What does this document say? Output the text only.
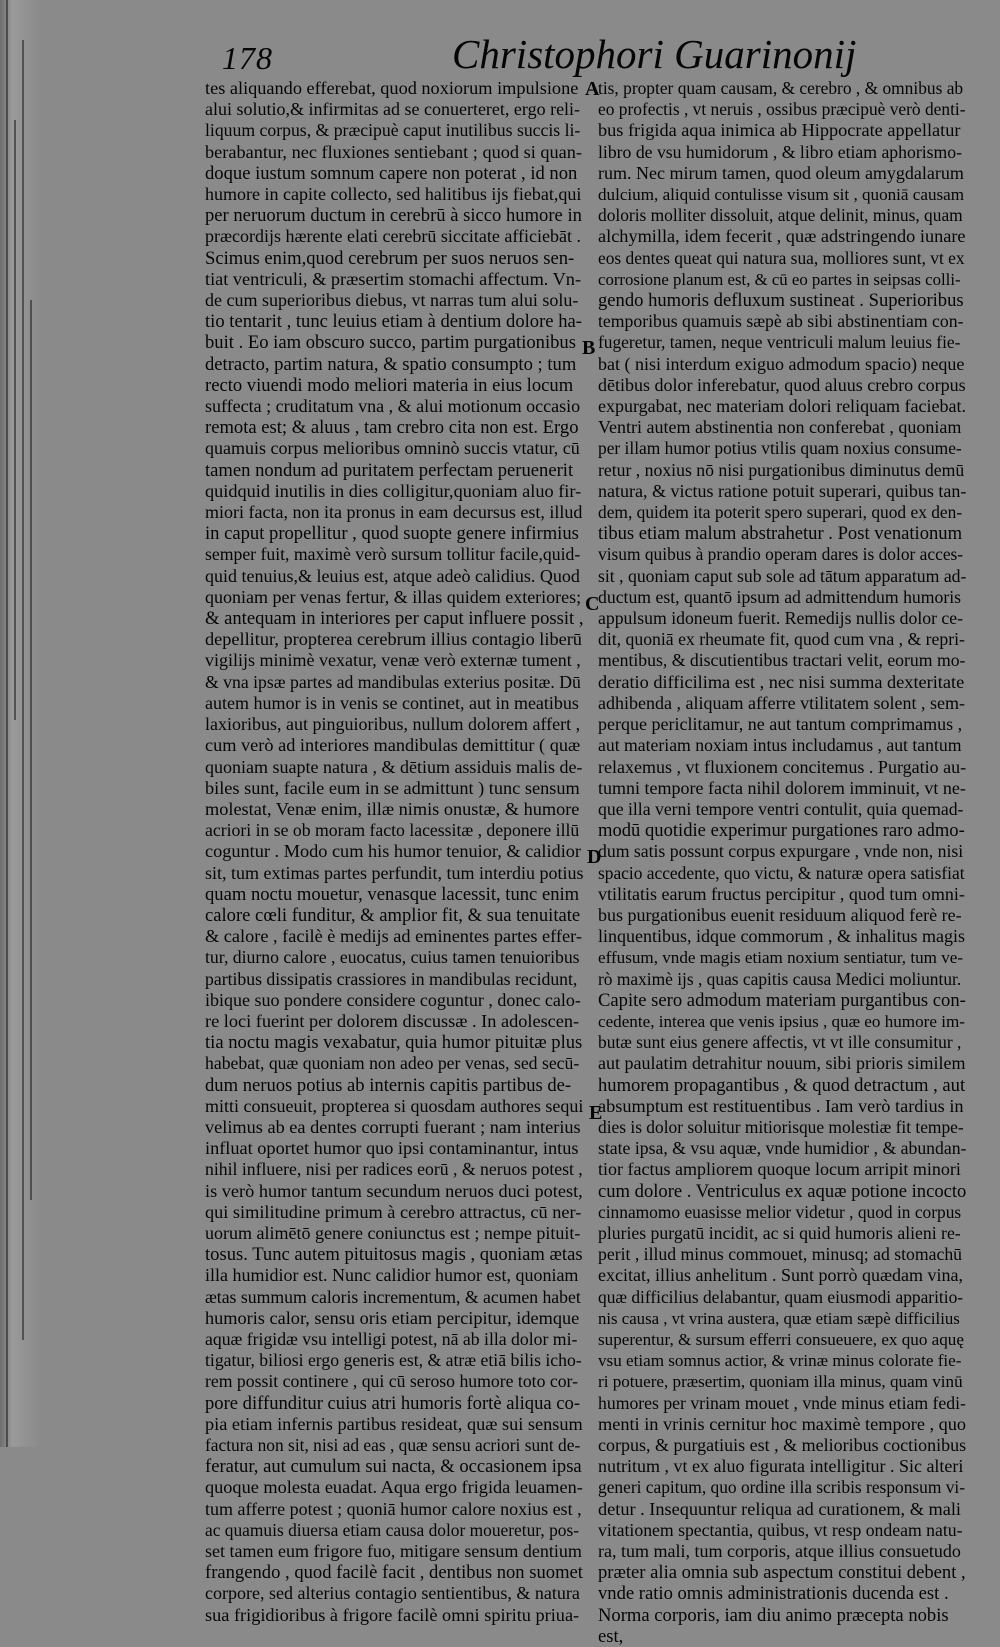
178	Christophori Guarinonij
tes aliquando efferebat, quod noxiorum impulsione
alui solutio,& infirmitas ad se conuerteret, ergo reli-
liquum corpus, & præcipuè caput inutilibus succis li-
berabantur, nec fluxiones sentiebant ; quod si quan-
doque iustum somnum capere non poterat , id non
humore in capite collecto, sed halitibus ijs fiebat,qui
per neruorum ductum in cerebrū à sicco humore in
præcordijs hærente elati cerebrū siccitate afficiebāt .
Scimus enim,quod cerebrum per suos neruos sen-
tiat ventriculi, & præsertim stomachi affectum. Vn-
de cum superioribus diebus, vt narras tum alui solu-
tio tentarit , tunc leuius etiam à dentium dolore ha-
buit . Eo iam obscuro succo, partim purgationibus
detracto, partim natura, & spatio consumpto ; tum
recto viuendi modo meliori materia in eius locum
suffecta ; cruditatum vna , & alui motionum occasio
remota est; & aluus , tam crebro cita non est. Ergo
quamuis corpus melioribus omninò succis vtatur, cū
tamen nondum ad puritatem perfectam peruenerit
quidquid inutilis in dies colligitur,quoniam aluo fir-
miori facta, non ita pronus in eam decursus est, illud
in caput propellitur , quod suopte genere infirmius
semper fuit, maximè verò sursum tollitur facile,quid-
quid tenuius,& leuius est, atque adeò calidius. Quod
quoniam per venas fertur, & illas quidem exteriores;
& antequam in interiores per caput influere possit ,
depellitur, propterea cerebrum illius contagio liberū
vigilijs minimè vexatur, venæ verò externæ tument ,
& vna ipsæ partes ad mandibulas exterius positæ. Dū
autem humor is in venis se continet, aut in meatibus
laxioribus, aut pinguioribus, nullum dolorem affert ,
cum verò ad interiores mandibulas demittitur ( quæ
quoniam suapte natura , & dētium assiduis malis de-
biles sunt, facile eum in se admittunt ) tunc sensum
molestat, Venæ enim, illæ nimis onustæ, & humore
acriori in se ob moram facto lacessitæ , deponere illū
coguntur . Modo cum his humor tenuior, & calidior
sit, tum extimas partes perfundit, tum interdiu potius
quam noctu mouetur, venasque lacessit, tunc enim
calore cœli funditur, & amplior fit, & sua tenuitate
& calore , facilè è medijs ad eminentes partes effer-
tur, diurno calore , euocatus, cuius tamen tenuioribus
partibus dissipatis crassiores in mandibulas recidunt,
ibique suo pondere considere coguntur , donec calo-
re loci fuerint per dolorem discussæ . In adolescen-
tia noctu magis vexabatur, quia humor pituitæ plus
habebat, quæ quoniam non adeo per venas, sed secū-
dum neruos potius ab internis capitis partibus de-
mitti consueuit, propterea si quosdam authores sequi
velimus ab ea dentes corrupti fuerant ; nam interius
influat oportet humor quo ipsi contaminantur, intus
nihil influere, nisi per radices eorū , & neruos potest ,
is verò humor tantum secundum neruos duci potest,
qui similitudine primum à cerebro attractus, cū ner-
uorum alimētō genere coniunctus est ; nempe pituit-
tosus. Tunc autem pituitosus magis , quoniam ætas
illa humidior est. Nunc calidior humor est, quoniam
ætas summum caloris incrementum, & acumen habet
humoris calor, sensu oris etiam percipitur, idemque
aquæ frigidæ vsu intelligi potest, nā ab illa dolor mi-
tigatur, biliosi ergo generis est, & atræ etiā bilis icho-
rem possit continere , qui cū seroso humore toto cor-
pore diffunditur cuius atri humoris fortè aliqua co-
pia etiam infernis partibus resideat, quæ sui sensum
factura non sit, nisi ad eas , quæ sensu acriori sunt de-
feratur, aut cumulum sui nacta, & occasionem ipsa
quoque molesta euadat. Aqua ergo frigida leuamen-
tum afferre potest ; quoniā humor calore noxius est ,
ac quamuis diuersa etiam causa dolor moueretur, pos-
set tamen eum frigore fuo, mitigare sensum dentium
frangendo , quod facilè facit , dentibus non suomet
corpore, sed alterius contagio sentientibus, & natura
sua frigidioribus à frigore facilè omni spiritu priua-
tis, propter quam causam, & cerebro , & omnibus ab
eo profectis , vt neruis , ossibus præcipuè verò denti-
bus frigida aqua inimica ab Hippocrate appellatur
libro de vsu humidorum , & libro etiam aphorismo-
rum. Nec mirum tamen, quod oleum amygdalarum
dulcium, aliquid contulisse visum sit , quoniā causam
doloris molliter dissoluit, atque delinit, minus, quam
alchymilla, idem fecerit , quæ adstringendo iunare
eos dentes queat qui natura sua, molliores sunt, vt ex
corrosione planum est, & cū eo partes in seipsas colli-
gendo humoris defluxum sustineat . Superioribus
temporibus quamuis sæpè ab sibi abstinentiam con-
fugeretur, tamen, neque ventriculi malum leuius fie-
bat ( nisi interdum exiguo admodum spacio) neque
dētibus dolor inferebatur, quod aluus crebro corpus
expurgabat, nec materiam dolori reliquam faciebat.
Ventri autem abstinentia non conferebat , quoniam
per illam humor potius vtilis quam noxius consume-
retur , noxius nō nisi purgationibus diminutus demū
natura, & victus ratione potuit superari, quibus tan-
dem, quidem ita poterit spero superari, quod ex den-
tibus etiam malum abstrahetur . Post venationum
visum quibus à prandio operam dares is dolor acces-
sit , quoniam caput sub sole ad tātum apparatum ad-
ductum est, quantō ipsum ad admittendum humoris
appulsum idoneum fuerit. Remedijs nullis dolor ce-
dit, quoniā ex rheumate fit, quod cum vna , & repri-
mentibus, & discutientibus tractari velit, eorum mo-
deratio difficilima est , nec nisi summa dexteritate
adhibenda , aliquam afferre vtilitatem solent , sem-
perque periclitamur, ne aut tantum comprimamus ,
aut materiam noxiam intus includamus , aut tantum
relaxemus , vt fluxionem concitemus . Purgatio au-
tumni tempore facta nihil dolorem imminuit, vt ne-
que illa verni tempore ventri contulit, quia quemad-
modū quotidie experimur purgationes raro admo-
dum satis possunt corpus expurgare , vnde non, nisi
spacio accedente, quo victu, & naturæ opera satisfiat
vtilitatis earum fructus percipitur , quod tum omni-
bus purgationibus euenit residuum aliquod ferè re-
linquentibus, idque commorum , & inhalitus magis
effusum, vnde magis etiam noxium sentiatur, tum ve-
rò maximè ijs , quas capitis causa Medici moliuntur.
Capite sero admodum materiam purgantibus con-
cedente, interea que venis ipsius , quæ eo humore im-
butæ sunt eius genere affectis, vt vt ille consumitur ,
aut paulatim detrahitur nouum, sibi prioris similem
humorem propagantibus , & quod detractum , aut
absumptum est restituentibus . Iam verò tardius in
dies is dolor soluitur mitiorisque molestiæ fit tempe-
state ipsa, & vsu aquæ, vnde humidior , & abundan-
tior factus ampliorem quoque locum arripit minori
cum dolore . Ventriculus ex aquæ potione incocto
cinnamomo euasisse melior videtur , quod in corpus
pluries purgatū incidit, ac si quid humoris alieni re-
perit , illud minus commouet, minusq; ad stomachū
excitat, illius anhelitum . Sunt porrò quædam vina,
quæ difficilius delabantur, quam eiusmodi apparitio-
nis causa , vt vrina austera, quæ etiam sæpè difficilius
superentur, & sursum efferri consueuere, ex quo aquę
vsu etiam somnus actior, & vrinæ minus colorate fie-
ri potuere, præsertim, quoniam illa minus, quam vinū
humores per vrinam mouet , vnde minus etiam fedi-
menti in vrinis cernitur hoc maximè tempore , quo
corpus, & purgatiuis est , & melioribus coctionibus
nutritum , vt ex aluo figurata intelligitur . Sic alteri
generi capitum, quo ordine illa scribis responsum vi-
detur . Insequuntur reliqua ad curationem, & mali
vitationem spectantia, quibus, vt resp ondeam natu-
ra, tum mali, tum corporis, atque illius consuetudo
præter alia omnia sub aspectum constitui debent ,
vnde ratio omnis administrationis ducenda est .
Norma corporis, iam diu animo præcepta nobis
est,
A
B
C
D
E
